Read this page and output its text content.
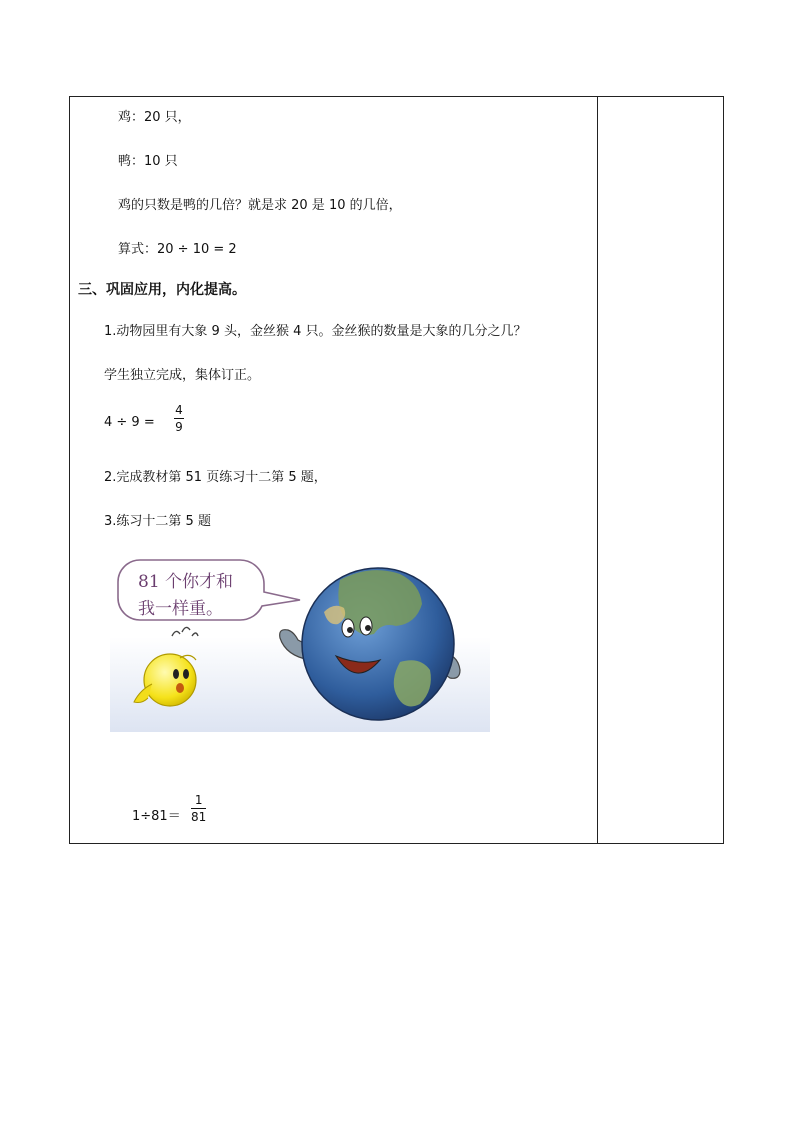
鸡：20 只，
鸭：10 只
鸡的只数是鸭的几倍？就是求 20 是 10 的几倍，
算式：20 ÷ 10 = 2
三、巩固应用，内化提高。
1.动物园里有大象 9 头，金丝猴 4 只。金丝猴的数量是大象的几分之几？
学生独立完成，集体订正。
4 ÷ 9 =
4
9
2.完成教材第 51 页练习十二第 5 题，
3.练习十二第 5 题
81 个你才和
我一样重。
1÷81＝
1
81
